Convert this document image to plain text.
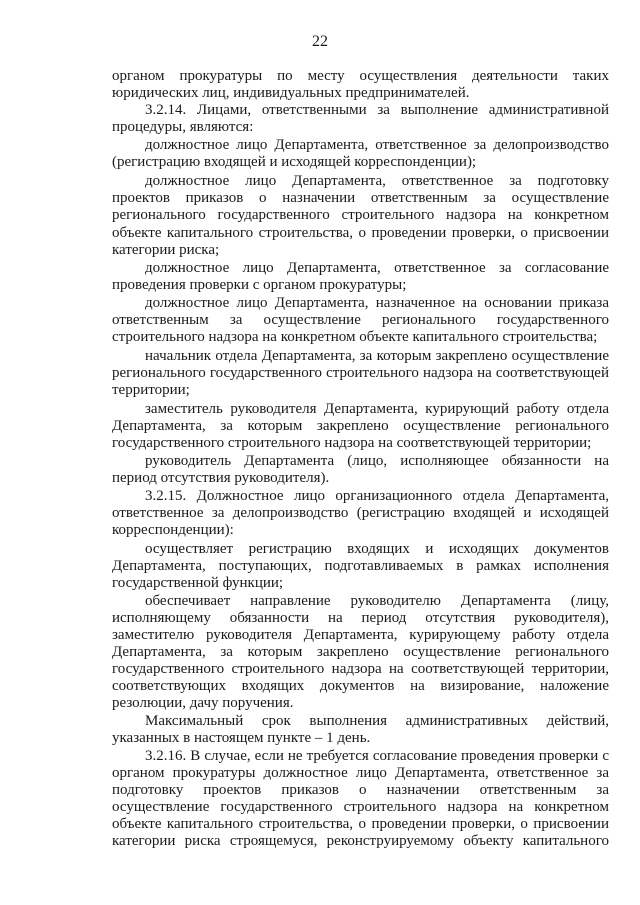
22

органом прокуратуры по месту осуществления деятельности таких

юридических лиц, индивидуальных предпринимателей.

3.2.14. Лицами, ответственными за выполнение административной

процедуры, являются:

должностное лицо Департамента, ответственное за делопроизводство

(регистрацию входящей и исходящей корреспонденции);

должностное лицо Департамента, ответственное за подготовку

проектов приказов о назначении ответственным за осуществление

регионального государственного строительного надзора на конкретном

объекте капитального строительства, о проведении проверки, о присвоении

категории риска;

должностное лицо Департамента, ответственное за согласование

проведения проверки с органом прокуратуры;

должностное лицо Департамента, назначенное на основании приказа

ответственным за осуществление регионального государственного

строительного надзора на конкретном объекте капитального строительства;

начальник отдела Департамента, за которым закреплено осуществление

регионального государственного строительного надзора на соответствующей

территории;

заместитель руководителя Департамента, курирующий работу отдела

Департамента, за которым закреплено осуществление регионального

государственного строительного надзора на соответствующей территории;

руководитель Департамента (лицо, исполняющее обязанности на

период отсутствия руководителя).

3.2.15. Должностное лицо организационного отдела Департамента,

ответственное за делопроизводство (регистрацию входящей и исходящей

корреспонденции):

осуществляет регистрацию входящих и исходящих документов

Департамента, поступающих, подготавливаемых в рамках исполнения

государственной функции;

обеспечивает направление руководителю Департамента (лицу,

исполняющему обязанности на период отсутствия руководителя),

заместителю руководителя Департамента, курирующему работу отдела

Департамента, за которым закреплено осуществление регионального

государственного строительного надзора на соответствующей территории,

соответствующих входящих документов на визирование, наложение

резолюции, дачу поручения.

Максимальный срок выполнения административных действий,

указанных в настоящем пункте – 1 день.

3.2.16. В случае, если не требуется согласование проведения проверки с

органом прокуратуры должностное лицо Департамента, ответственное за

подготовку проектов приказов о назначении ответственным за

осуществление государственного строительного надзора на конкретном

объекте капитального строительства, о проведении проверки, о присвоении

категории риска строящемуся, реконструируемому объекту капитального
